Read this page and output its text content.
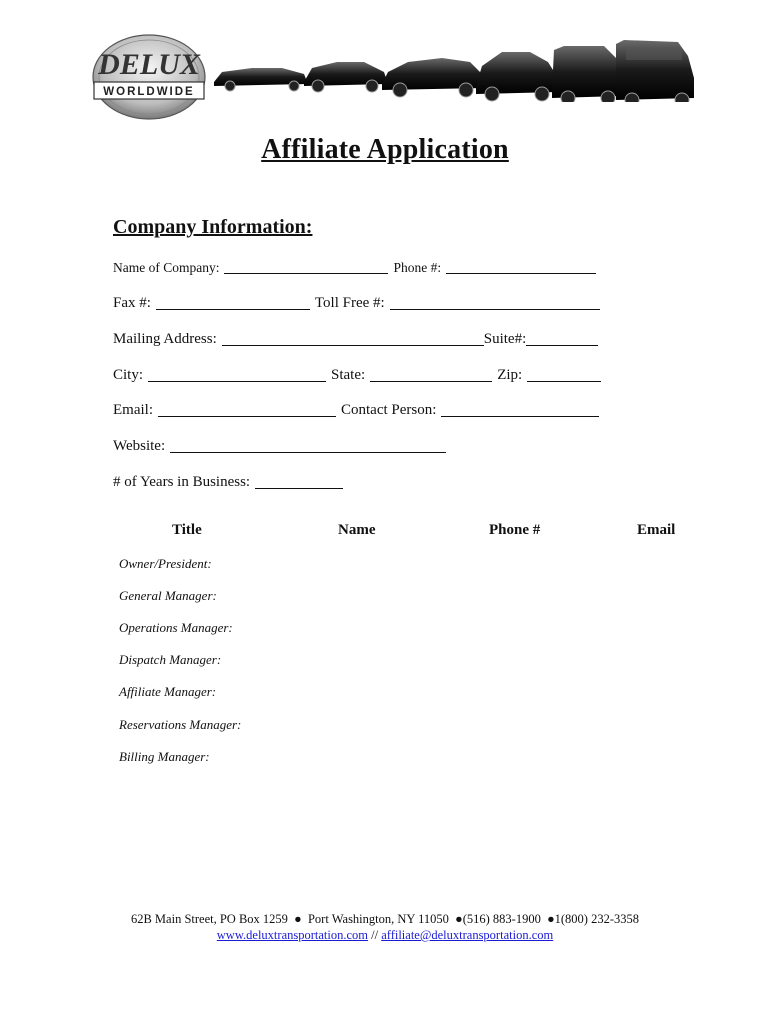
DELUX
WORLDWIDE
Affiliate Application
Company Information:
Name of Company:	Phone #:
Fax #:	Toll Free #:
Mailing Address:	Suite#:
City:	State:	Zip:
Email:	Contact Person:
Website:
# of Years in Business:
Title	Name	Phone #	Email
Owner/President:
General Manager:
Operations Manager:
Dispatch Manager:
Affiliate Manager:
Reservations Manager:
Billing Manager:
62B Main Street, PO Box 1259 ● Port Washington, NY 11050 ●(516) 883-1900 ●1(800) 232-3358
www.deluxtransportation.com // affiliate@deluxtransportation.com
